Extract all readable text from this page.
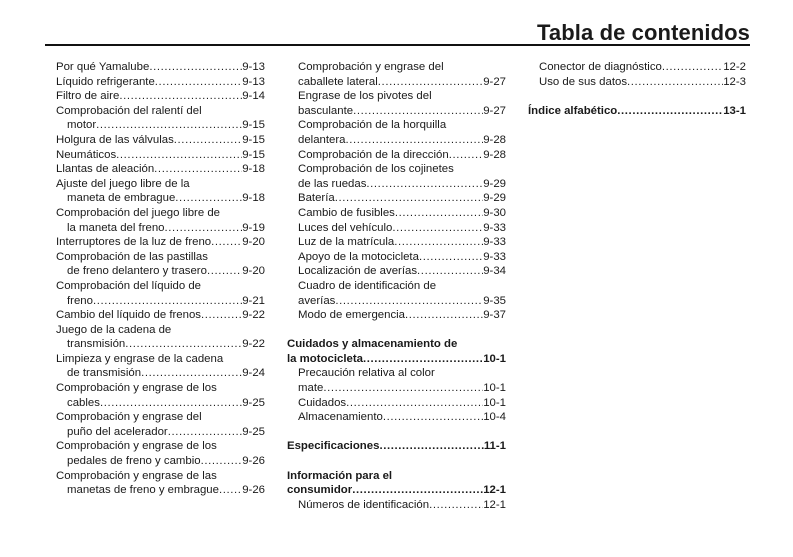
Tabla de contenidos
Por qué Yamalube .....	9-13
Líquido refrigerante .....	9-13
Filtro de aire .....	9-14
Comprobación del ralentí del
motor .....	9-15
Holgura de las válvulas .....	9-15
Neumáticos .....	9-15
Llantas de aleación .....	9-18
Ajuste del juego libre de la
maneta de embrague .....	9-18
Comprobación del juego libre de
la maneta del freno .....	9-19
Interruptores de la luz de freno .....	9-20
Comprobación de las pastillas
de freno delantero y trasero .....	9-20
Comprobación del líquido de
freno .....	9-21
Cambio del líquido de frenos .....	9-22
Juego de la cadena de
transmisión .....	9-22
Limpieza y engrase de la cadena
de transmisión .....	9-24
Comprobación y engrase de los
cables .....	9-25
Comprobación y engrase del
puño del acelerador .....	9-25
Comprobación y engrase de los
pedales de freno y cambio .....	9-26
Comprobación y engrase de las
manetas de freno y embrague ..... 9-26
Comprobación y engrase del
caballete lateral .....	9-27
Engrase de los pivotes del
basculante .....	9-27
Comprobación de la horquilla
delantera .....	9-28
Comprobación de la dirección .....	9-28
Comprobación de los cojinetes
de las ruedas .....	9-29
Batería .....	9-29
Cambio de fusibles .....	9-30
Luces del vehículo .....	9-33
Luz de la matrícula .....	9-33
Apoyo de la motocicleta .....	9-33
Localización de averías .....	9-34
Cuadro de identificación de
averías .....	9-35
Modo de emergencia .....	9-37
Cuidados y almacenamiento de
la motocicleta .....	10-1
Precaución relativa al color
mate .....	10-1
Cuidados .....	10-1
Almacenamiento .....	10-4
Especificaciones .....	11-1
Información para el
consumidor .....	12-1
Números de identificación .....	12-1
Conector de diagnóstico .....	12-2
Uso de sus datos .....	12-3
Índice alfabético .....	13-1
